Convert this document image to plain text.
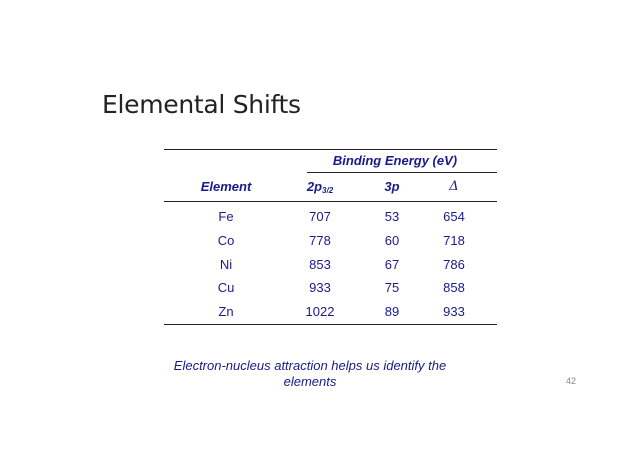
Elemental Shifts
Binding Energy (eV)
Element	$2p_{3/2}$	3p	Δ
Fe	707	53	654
Co	778	60	718
Ni	853	67	786
Cu	933	75	858
Zn	1022	89	933
Electron-nucleus attraction helps us identify the
elements	42
